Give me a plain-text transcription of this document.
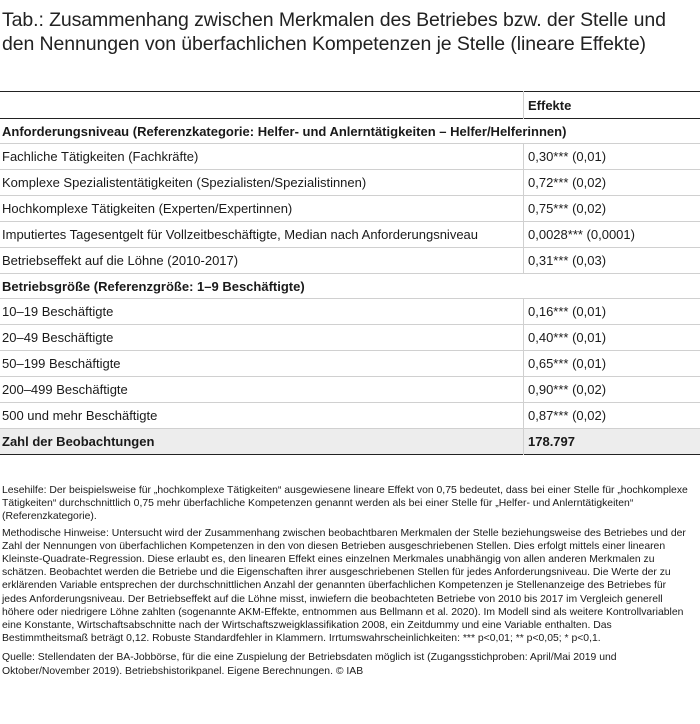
Tab.: Zusammenhang zwischen Merkmalen des Betriebes bzw. der Stelle und den Nennungen von überfachlichen Kompetenzen je Stelle (lineare Effekte)
	Effekte
Anforderungsniveau (Referenzkategorie: Helfer- und Anlerntätigkeiten – Helfer/Helferinnen)	
Fachliche Tätigkeiten (Fachkräfte)	0,30*** (0,01)
Komplexe Spezialistentätigkeiten (Spezialisten/Spezialistinnen)	0,72*** (0,02)
Hochkomplexe Tätigkeiten (Experten/Expertinnen)	0,75*** (0,02)
Imputiertes Tagesentgelt für Vollzeitbeschäftigte, Median nach Anforderungsniveau	0,0028*** (0,0001)
Betriebseffekt auf die Löhne (2010-2017)	0,31*** (0,03)
Betriebsgröße (Referenzgröße: 1–9 Beschäftigte)	
10–19 Beschäftigte	0,16*** (0,01)
20–49 Beschäftigte	0,40*** (0,01)
50–199 Beschäftigte	0,65*** (0,01)
200–499 Beschäftigte	0,90*** (0,02)
500 und mehr Beschäftigte	0,87*** (0,02)
Zahl der Beobachtungen	178.797

Lesehilfe: Der beispielsweise für „hochkomplexe Tätigkeiten“ ausgewiesene lineare Effekt von 0,75 bedeutet, dass bei einer Stelle für „hochkomplexe Tätigkeiten“ durchschnittlich 0,75 mehr überfachliche Kompetenzen genannt werden als bei einer Stelle für „Helfer- und Anlerntätigkeiten“ (Referenzkategorie).

Methodische Hinweise: Untersucht wird der Zusammenhang zwischen beobachtbaren Merkmalen der Stelle beziehungsweise des Betriebes und der Zahl der Nennungen von überfachlichen Kompetenzen in den von diesen Betrieben ausgeschriebenen Stellen. Dies erfolgt mittels einer linearen Kleinste-Quadrate-Regression. Diese erlaubt es, den linearen Effekt eines einzelnen Merkmales unabhängig von allen anderen Merkmalen zu schätzen. Beobachtet werden die Betriebe und die Eigenschaften ihrer ausgeschriebenen Stellen für jedes Anforderungsniveau. Die Werte der zu erklärenden Variable entsprechen der durchschnittlichen Anzahl der genannten überfachlichen Kompetenzen je Stellenanzeige des Betriebes für jedes Anforderungsniveau. Der Betriebseffekt auf die Löhne misst, inwiefern die beobachteten Betriebe von 2010 bis 2017 im Vergleich generell höhere oder niedrigere Löhne zahlten (sogenannte AKM-Effekte, entnommen aus Bellmann et al. 2020). Im Modell sind als weitere Kontrollvariablen eine Konstante, Wirtschaftsabschnitte nach der Wirtschaftszweigklassifikation 2008, ein Zeitdummy und eine Variable enthalten. Das Bestimmtheitsmaß beträgt 0,12. Robuste Standardfehler in Klammern. Irrtumswahrscheinlichkeiten: *** p<0,01; ** p<0,05; * p<0,1.

Quelle: Stellendaten der BA-Jobbörse, für die eine Zuspielung der Betriebsdaten möglich ist (Zugangsstichproben: April/Mai 2019 und Oktober/November 2019). Betriebshistorikpanel. Eigene Berechnungen. © IAB
